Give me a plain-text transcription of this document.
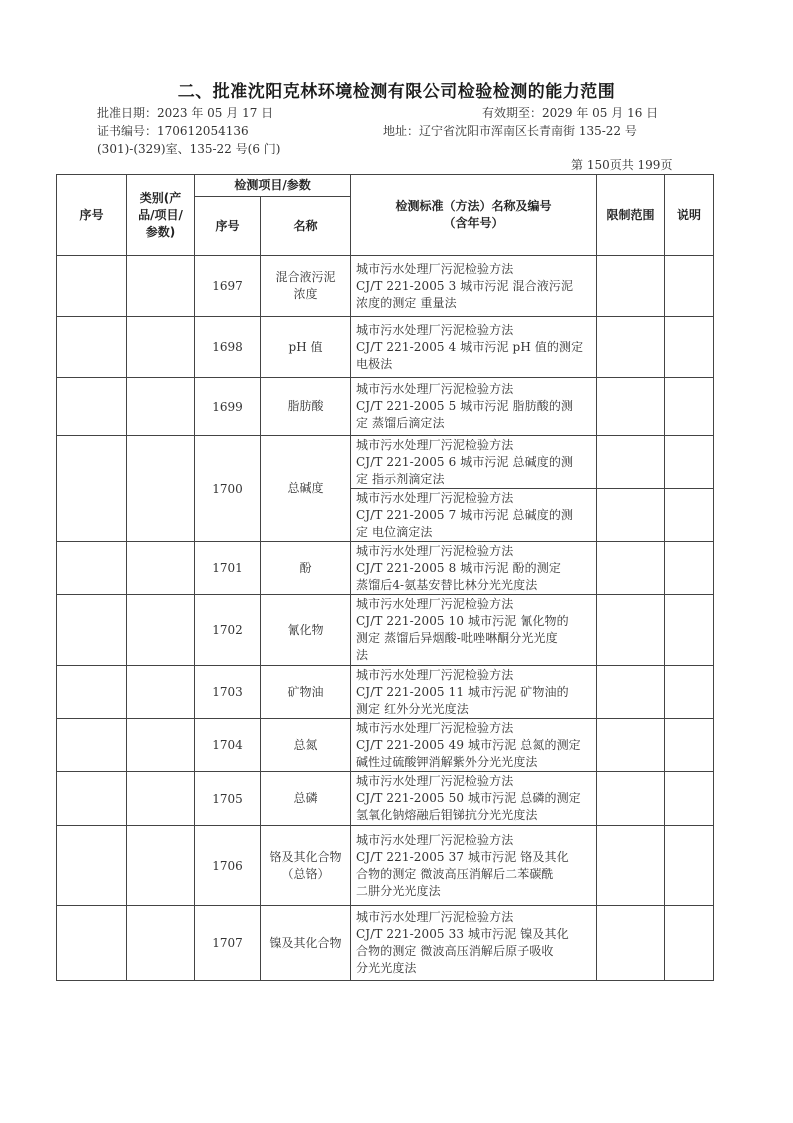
二、批准沈阳克林环境检测有限公司检验检测的能力范围
批准日期：2023 年 05 月 17 日	有效期至：2029 年 05 月 16 日
证书编号：170612054136	地址：辽宁省沈阳市浑南区长青南街 135-22 号
(301)-(329)室、135-22 号(6 门)
第 150页共 199页
序号	类别(产品/项目/参数)	检测项目/参数		检测标准（方法）名称及编号（含年号）	限制范围	说明
		序号	名称			
		1697	混合液污泥浓度	城市污水处理厂污泥检验方法
CJ/T 221-2005 3 城市污泥 混合液污泥
浓度的测定 重量法		

		1698	pH 值	城市污水处理厂污泥检验方法
CJ/T 221-2005 4 城市污泥 pH 值的测定
电极法		

		1699	脂肪酸	城市污水处理厂污泥检验方法
CJ/T 221-2005 5 城市污泥 脂肪酸的测
定 蒸馏后滴定法		

		1700	总碱度	城市污水处理厂污泥检验方法
CJ/T 221-2005 6 城市污泥 总碱度的测
定 指示剂滴定法		

				城市污水处理厂污泥检验方法
CJ/T 221-2005 7 城市污泥 总碱度的测
定 电位滴定法		

		1701	酚	城市污水处理厂污泥检验方法
CJ/T 221-2005 8 城市污泥 酚的测定
蒸馏后4-氨基安替比林分光光度法		

		1702	氰化物	城市污水处理厂污泥检验方法
CJ/T 221-2005 10 城市污泥 氰化物的
测定 蒸馏后异烟酸-吡唑啉酮分光光度
法		

		1703	矿物油	城市污水处理厂污泥检验方法
CJ/T 221-2005 11 城市污泥 矿物油的
测定 红外分光光度法		

		1704	总氮	城市污水处理厂污泥检验方法
CJ/T 221-2005 49 城市污泥 总氮的测定
碱性过硫酸钾消解紫外分光光度法		

		1705	总磷	城市污水处理厂污泥检验方法
CJ/T 221-2005 50 城市污泥 总磷的测定
氢氧化钠熔融后钼锑抗分光光度法		

		1706	铬及其化合物（总铬）	城市污水处理厂污泥检验方法
CJ/T 221-2005 37 城市污泥 铬及其化
合物的测定 微波高压消解后二苯碳酰
二肼分光光度法		

		1707	镍及其化合物	城市污水处理厂污泥检验方法
CJ/T 221-2005 33 城市污泥 镍及其化
合物的测定 微波高压消解后原子吸收
分光光度法		
